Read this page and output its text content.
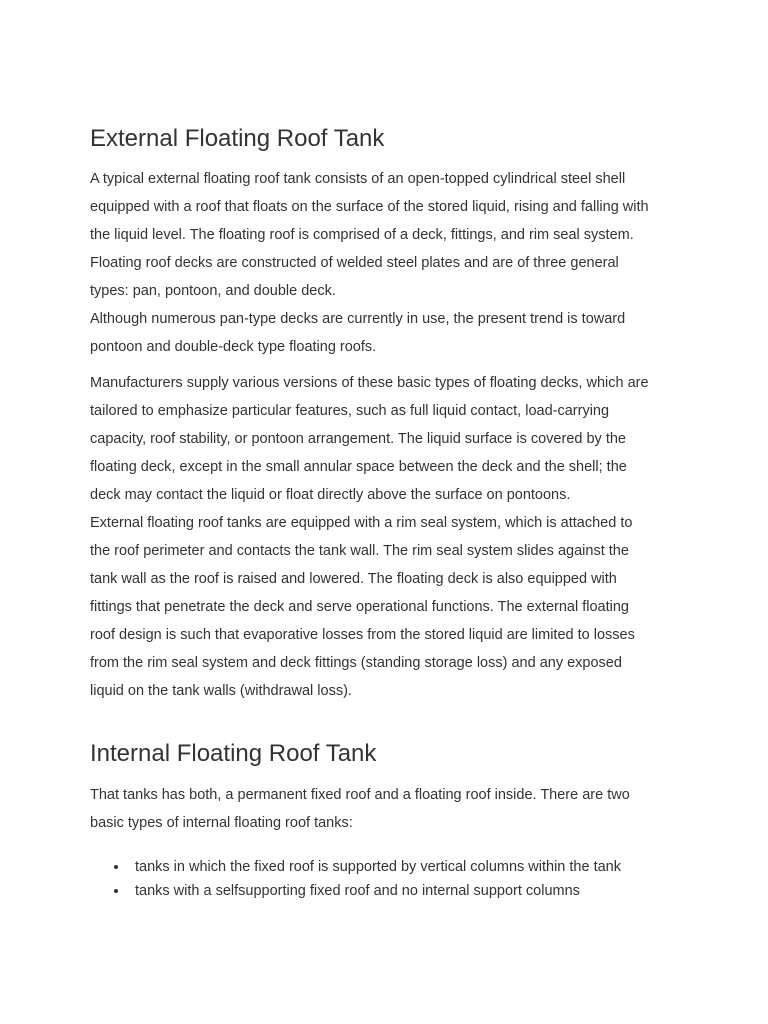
External Floating Roof Tank

A typical external floating roof tank consists of an open-topped cylindrical steel shell
equipped with a roof that floats on the surface of the stored liquid, rising and falling with
the liquid level. The floating roof is comprised of a deck, fittings, and rim seal system.
Floating roof decks are constructed of welded steel plates and are of three general
types: pan, pontoon, and double deck.

Although numerous pan-type decks are currently in use, the present trend is toward
pontoon and double-deck type floating roofs.

Manufacturers supply various versions of these basic types of floating decks, which are
tailored to emphasize particular features, such as full liquid contact, load-carrying
capacity, roof stability, or pontoon arrangement. The liquid surface is covered by the
floating deck, except in the small annular space between the deck and the shell; the
deck may contact the liquid or float directly above the surface on pontoons.

External floating roof tanks are equipped with a rim seal system, which is attached to
the roof perimeter and contacts the tank wall. The rim seal system slides against the
tank wall as the roof is raised and lowered. The floating deck is also equipped with
fittings that penetrate the deck and serve operational functions. The external floating
roof design is such that evaporative losses from the stored liquid are limited to losses
from the rim seal system and deck fittings (standing storage loss) and any exposed
liquid on the tank walls (withdrawal loss).

Internal Floating Roof Tank

That tanks has both, a permanent fixed roof and a floating roof inside. There are two
basic types of internal floating roof tanks:

tanks in which the fixed roof is supported by vertical columns within the tank
tanks with a selfsupporting fixed roof and no internal support columns
